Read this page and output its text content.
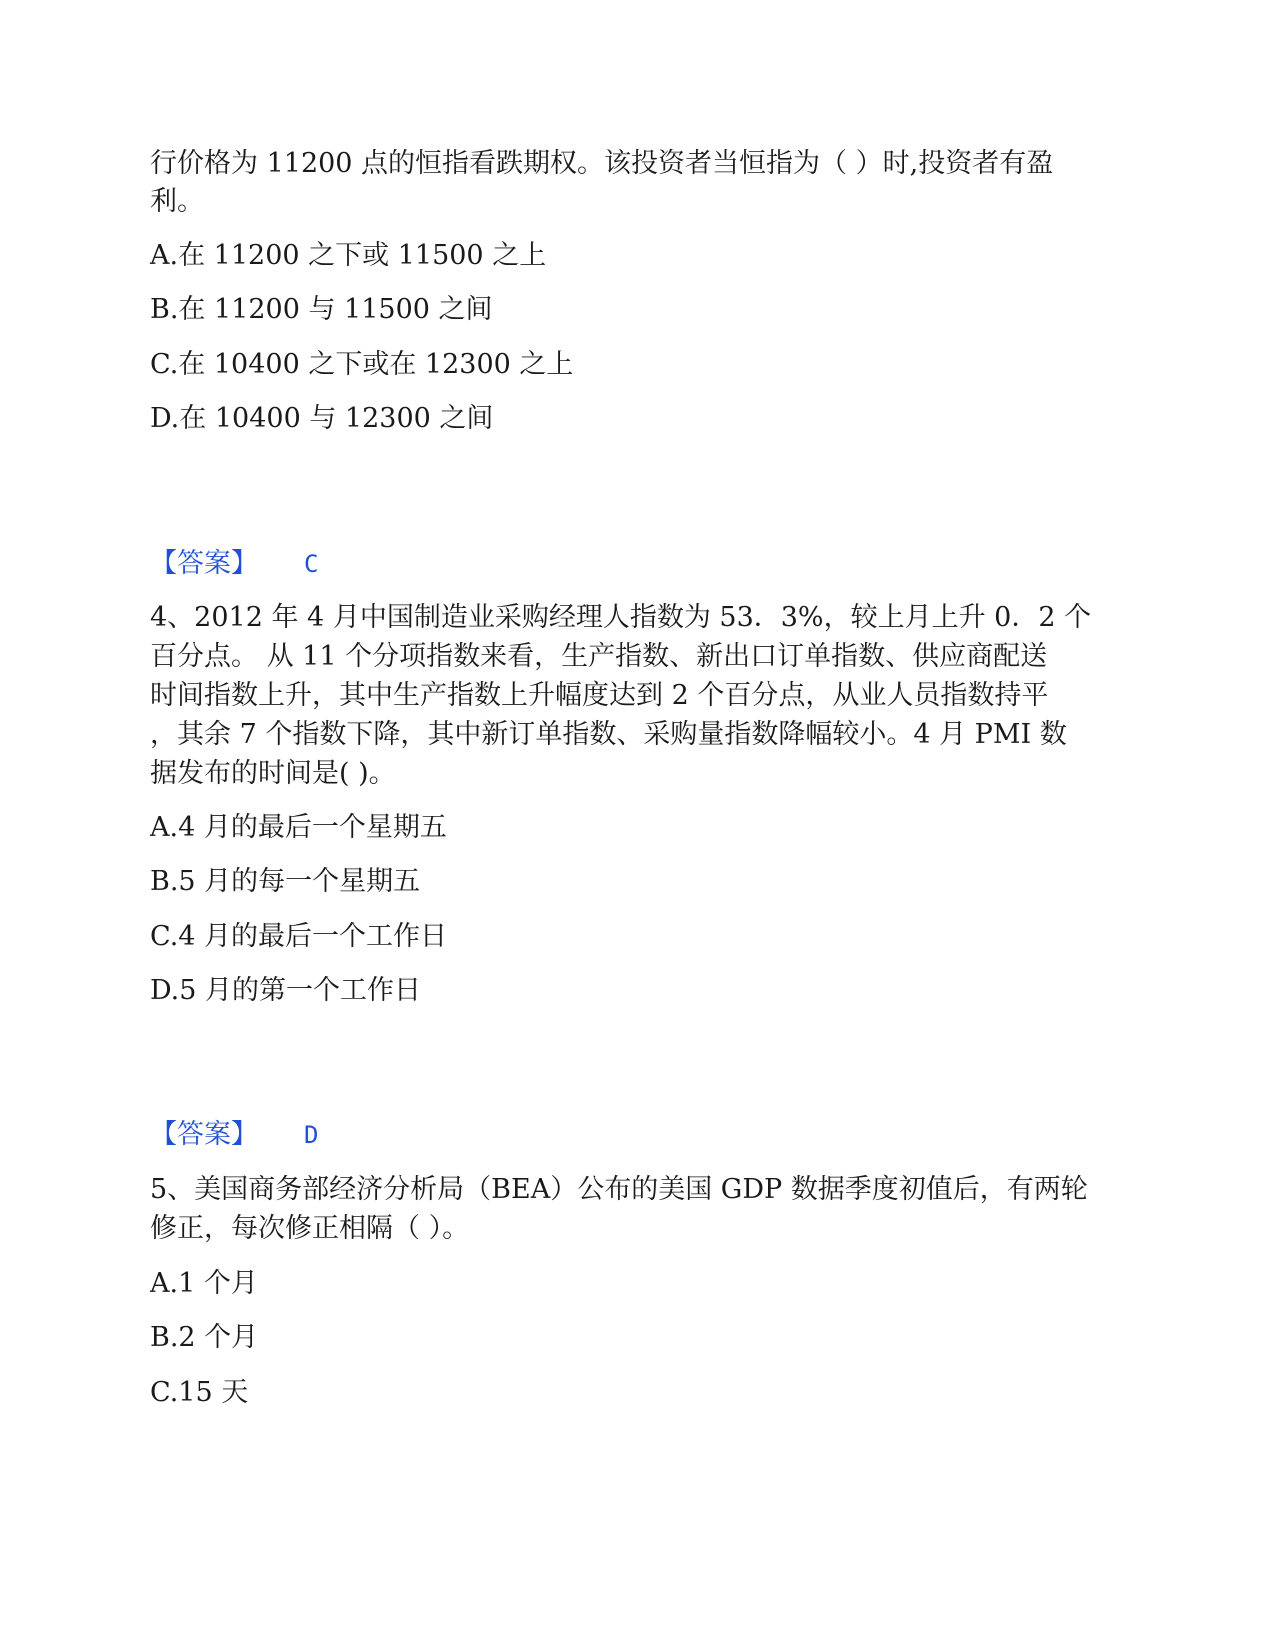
行价格为 11200 点的恒指看跌期权。该投资者当恒指为（ ）时,投资者有盈
利。
A.在 11200 之下或 11500 之上
B.在 11200 与 11500 之间
C.在 10400 之下或在 12300 之上
D.在 10400 与 12300 之间
【答案】 C
4、2012 年 4 月中国制造业采购经理人指数为 53．3%，较上月上升 0．2 个
百分点。 从 11 个分项指数来看，生产指数、新出口订单指数、供应商配送
时间指数上升，其中生产指数上升幅度达到 2 个百分点，从业人员指数持平
，其余 7 个指数下降，其中新订单指数、采购量指数降幅较小。4 月 PMI 数
据发布的时间是( )。
A.4 月的最后一个星期五
B.5 月的每一个星期五
C.4 月的最后一个工作日
D.5 月的第一个工作日
【答案】 D
5、美国商务部经济分析局（BEA）公布的美国 GDP 数据季度初值后，有两轮
修正，每次修正相隔（ ）。
A.1 个月
B.2 个月
C.15 天
